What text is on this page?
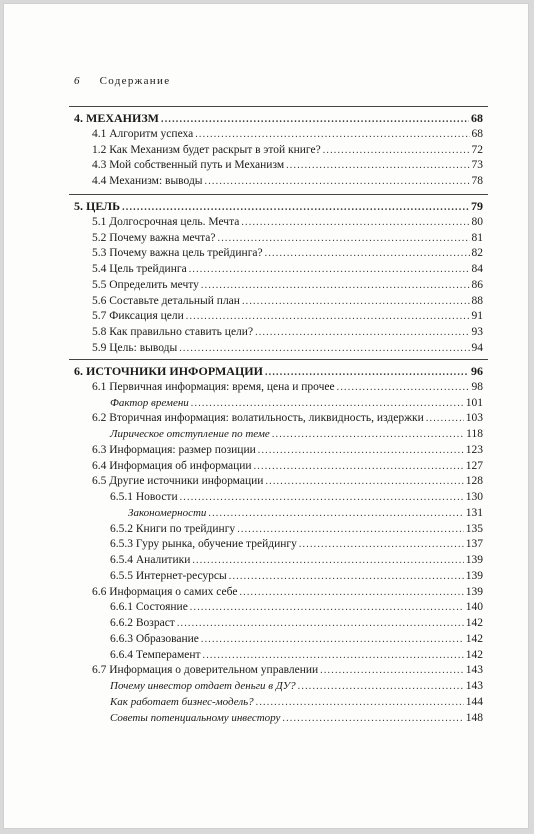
6 Содержание
4. МЕХАНИЗМ .....	68
4.1 Алгоритм успеха .....	68
1.2 Как Механизм будет раскрыт в этой книге? .....	72
4.3 Мой собственный путь и Механизм .....	73
4.4 Механизм: выводы .....	78
5. ЦЕЛЬ .....	79
5.1 Долгосрочная цель. Мечта .....	80
5.2 Почему важна мечта? .....	81
5.3 Почему важна цель трейдинга? .....	82
5.4 Цель трейдинга .....	84
5.5 Определить мечту .....	86
5.6 Составьте детальный план .....	88
5.7 Фиксация цели .....	91
5.8 Как правильно ставить цели? .....	93
5.9 Цель: выводы .....	94
6. ИСТОЧНИКИ ИНФОРМАЦИИ .....	96
6.1 Первичная информация: время, цена и прочее .....	98
Фактор времени .....	101
6.2 Вторичная информация: волатильность, ликвидность, издержки .....	103
Лирическое отступление по теме .....	118
6.3 Информация: размер позиции .....	123
6.4 Информация об информации .....	127
6.5 Другие источники информации .....	128
6.5.1 Новости .....	130
Закономерности .....	131
6.5.2 Книги по трейдингу .....	135
6.5.3 Гуру рынка, обучение трейдингу .....	137
6.5.4 Аналитики .....	139
6.5.5 Интернет-ресурсы .....	139
6.6 Информация о самих себе .....	139
6.6.1 Состояние .....	140
6.6.2 Возраст .....	142
6.6.3 Образование .....	142
6.6.4 Темперамент .....	142
6.7 Информация о доверительном управлении .....	143
Почему инвестор отдает деньги в ДУ? .....	143
Как работает бизнес-модель? .....	144
Советы потенциальному инвестору .....	148
